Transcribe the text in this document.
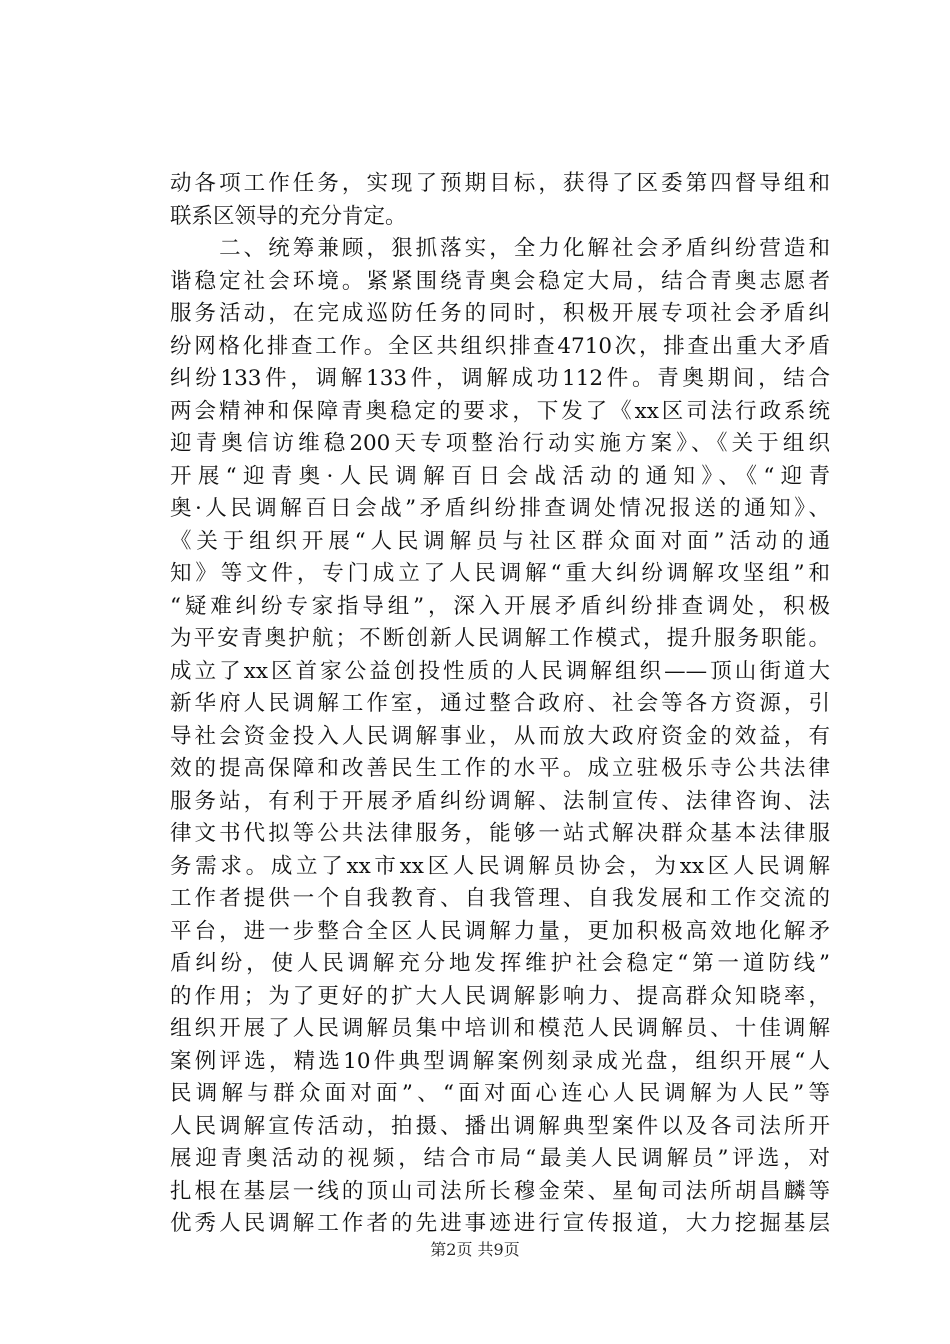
动各项工作任务，实现了预期目标，获得了区委第四督导组和
联系区领导的充分肯定。
　　二、统筹兼顾，狠抓落实，全力化解社会矛盾纠纷营造和
谐稳定社会环境。紧紧围绕青奥会稳定大局，结合青奥志愿者
服务活动，在完成巡防任务的同时，积极开展专项社会矛盾纠
纷网格化排查工作。全区共组织排查4710次，排查出重大矛盾
纠纷133件，调解133件，调解成功112件。青奥期间，结合
两会精神和保障青奥稳定的要求，下发了《xx区司法行政系统
迎青奥信访维稳200天专项整治行动实施方案》、《关于组织
开展“迎青奥·人民调解百日会战活动的通知》、《“迎青
奥·人民调解百日会战”矛盾纠纷排查调处情况报送的通知》、
《关于组织开展“人民调解员与社区群众面对面”活动的通
知》等文件，专门成立了人民调解“重大纠纷调解攻坚组”和
“疑难纠纷专家指导组”，深入开展矛盾纠纷排查调处，积极
为平安青奥护航；不断创新人民调解工作模式，提升服务职能。
成立了xx区首家公益创投性质的人民调解组织——顶山街道大
新华府人民调解工作室，通过整合政府、社会等各方资源，引
导社会资金投入人民调解事业，从而放大政府资金的效益，有
效的提高保障和改善民生工作的水平。成立驻极乐寺公共法律
服务站，有利于开展矛盾纠纷调解、法制宣传、法律咨询、法
律文书代拟等公共法律服务，能够一站式解决群众基本法律服
务需求。成立了xx市xx区人民调解员协会，为xx区人民调解
工作者提供一个自我教育、自我管理、自我发展和工作交流的
平台，进一步整合全区人民调解力量，更加积极高效地化解矛
盾纠纷，使人民调解充分地发挥维护社会稳定“第一道防线”
的作用；为了更好的扩大人民调解影响力、提高群众知晓率，
组织开展了人民调解员集中培训和模范人民调解员、十佳调解
案例评选，精选10件典型调解案例刻录成光盘，组织开展“人
民调解与群众面对面”、“面对面心连心人民调解为人民”等
人民调解宣传活动，拍摄、播出调解典型案件以及各司法所开
展迎青奥活动的视频，结合市局“最美人民调解员”评选，对
扎根在基层一线的顶山司法所长穆金荣、星甸司法所胡昌麟等
优秀人民调解工作者的先进事迹进行宣传报道，大力挖掘基层
第2页 共9页
